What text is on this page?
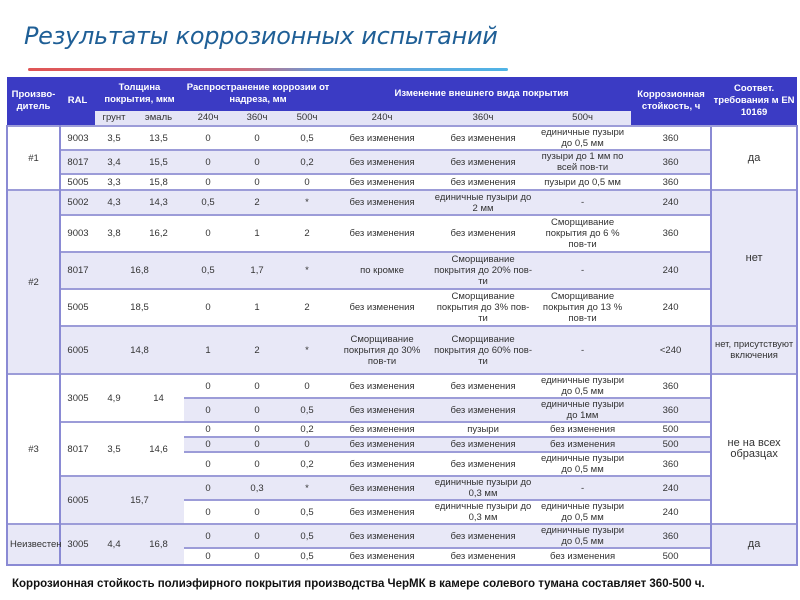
Результаты коррозионных испытаний
Произво-дитель	RAL	Толщина покрытия, мкм		Распространение коррозии от надреза, мм			Изменение внешнего вида покрытия			Коррозионная стойкость, ч	Соответ. требования м EN 10169
		грунт	эмаль	240ч	360ч	500ч	240ч	360ч	500ч		
#1	9003	3,5	13,5	0	0	0,5	без изменения	без изменения	единичные пузыри до 0,5 мм	360	да
	8017	3,4	15,5	0	0	0,2	без изменения	без изменения	пузыри до 1 мм по всей пов-ти	360	
	5005	3,3	15,8	0	0	0	без изменения	без изменения	пузыри до 0,5 мм	360	
#2	5002	4,3	14,3	0,5	2	*	без изменения	единичные пузыри до 2 мм	-	240	нет
	9003	3,8	16,2	0	1	2	без изменения	без изменения	Сморщивание покрытия до 6 % пов-ти	360	
	8017	16,8		0,5	1,7	*	по кромке	Сморщивание покрытия до 20% пов-ти	-	240	
	5005	18,5		0	1	2	без изменения	Сморщивание покрытия до 3% пов-ти	Сморщивание покрытия до 13 % пов-ти	240	
	6005	14,8		1	2	*	Сморщивание покрытия до 30% пов-ти	Сморщивание покрытия до 60% пов-ти	-	<240	нет, присутствуют включения
#3	3005	4,9	14	0	0	0	без изменения	без изменения	единичные пузыри до 0,5 мм	360	не на всех образцах
				0	0	0,5	без изменения	без изменения	единичные пузыри до 1мм	360	
	8017	3,5	14,6	0	0	0,2	без изменения	пузыри	без изменения	500	
				0	0	0	без изменения	без изменения	без изменения	500	
				0	0	0,2	без изменения	без изменения	единичные пузыри до 0,5 мм	360	
	6005	15,7		0	0,3	*	без изменения	единичные пузыри до 0,3 мм	-	240	
				0	0	0,5	без изменения	единичные пузыри до 0,3 мм	единичные пузыри до 0,5 мм	240	
Неизвестен	3005	4,4	16,8	0	0	0,5	без изменения	без изменения	единичные пузыри до 0,5 мм	360	да
				0	0	0,5	без изменения	без изменения	без изменения	500	
Коррозионная стойкость полиэфирного покрытия производства ЧерМК в камере солевого тумана составляет 360-500 ч.
